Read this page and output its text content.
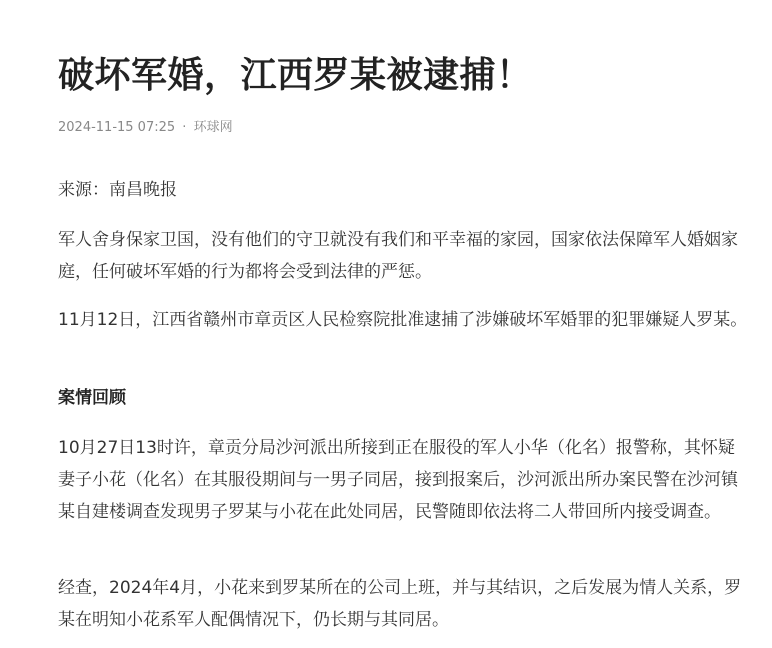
破坏军婚，江西罗某被逮捕！
2024-11-15 07:25 · 环球网

来源：南昌晚报

军人舍身保家卫国，没有他们的守卫就没有我们和平幸福的家园，国家依法保障军人婚姻家庭，任何破坏军婚的行为都将会受到法律的严惩。

11月12日，江西省赣州市章贡区人民检察院批准逮捕了涉嫌破坏军婚罪的犯罪嫌疑人罗某。

案情回顾

10月27日13时许，章贡分局沙河派出所接到正在服役的军人小华（化名）报警称，其怀疑妻子小花（化名）在其服役期间与一男子同居，接到报案后，沙河派出所办案民警在沙河镇某自建楼调查发现男子罗某与小花在此处同居，民警随即依法将二人带回所内接受调查。

经查，2024年4月，小花来到罗某所在的公司上班，并与其结识，之后发展为情人关系，罗某在明知小花系军人配偶情况下，仍长期与其同居。
